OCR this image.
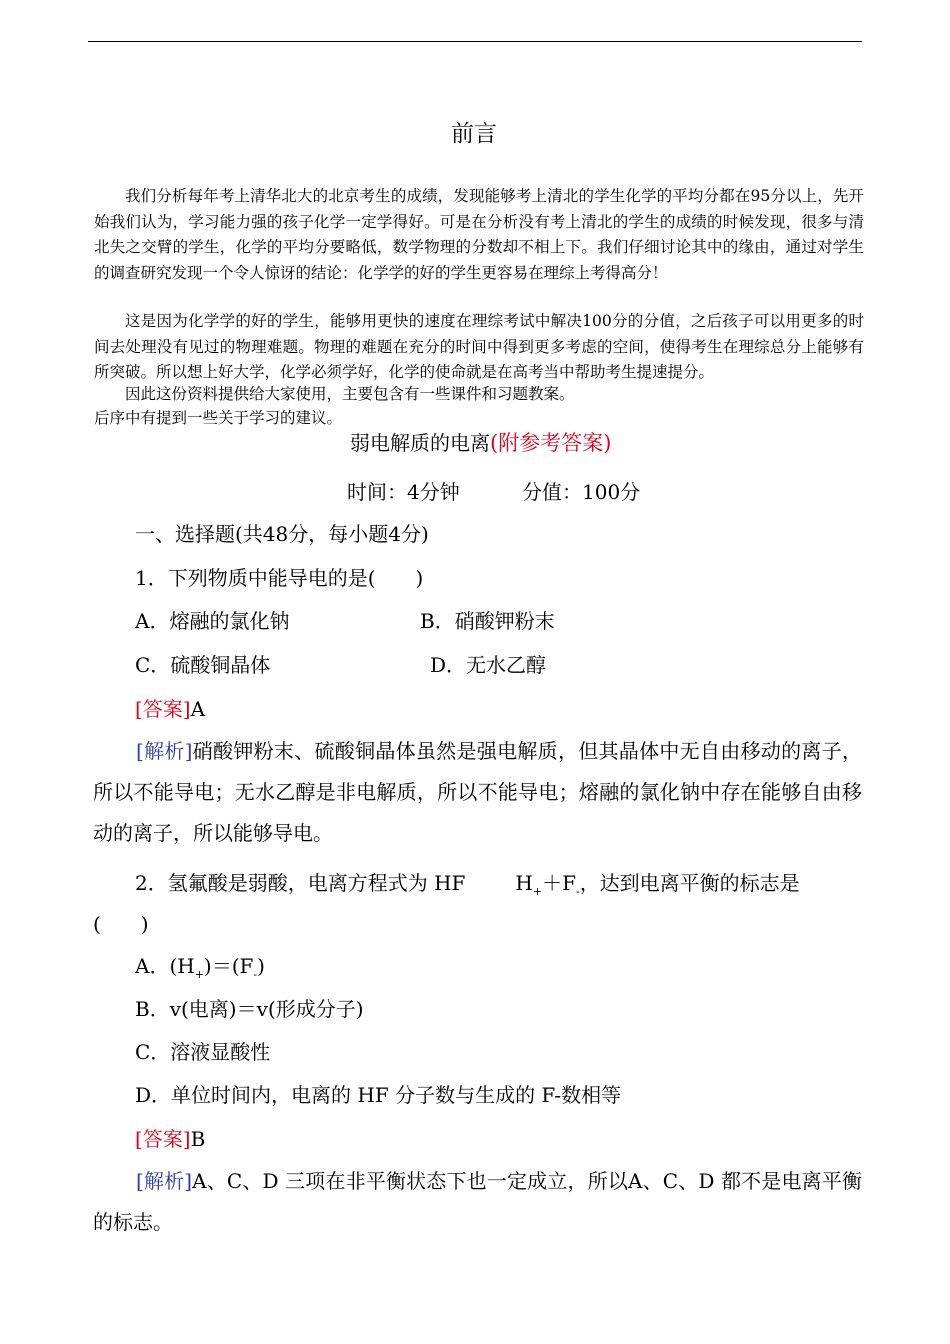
前言
我们分析每年考上清华北大的北京考生的成绩，发现能够考上清北的学生化学的平均分都在95分以上，先开始我们认为，学习能力强的孩子化学一定学得好。可是在分析没有考上清北的学生的成绩的时候发现，很多与清北失之交臂的学生，化学的平均分要略低，数学物理的分数却不相上下。我们仔细讨论其中的缘由，通过对学生的调查研究发现一个令人惊讶的结论：化学学的好的学生更容易在理综上考得高分！
这是因为化学学的好的学生，能够用更快的速度在理综考试中解决100分的分值，之后孩子可以用更多的时间去处理没有见过的物理难题。物理的难题在充分的时间中得到更多考虑的空间，使得考生在理综总分上能够有所突破。所以想上好大学，化学必须学好，化学的使命就是在高考当中帮助考生提速提分。
因此这份资料提供给大家使用，主要包含有一些课件和习题教案。
后序中有提到一些关于学习的建议。
弱电解质的电离(附参考答案)
时间：4分钟	分值：100分
一、选择题(共48分，每小题4分)
1．下列物质中能导电的是(　　)
A．熔融的氯化钠	B．硝酸钾粉末
C．硫酸铜晶体	D．无水乙醇
[答案]A
[解析]硝酸钾粉末、硫酸铜晶体虽然是强电解质，但其晶体中无自由移动的离子，所以不能导电；无水乙醇是非电解质，所以不能导电；熔融的氯化钠中存在能够自由移动的离子，所以能够导电。
2．氢氟酸是弱酸，电离方程式为 HF	$H_++F_-$，达到电离平衡的标志是
(　　)
A．$(H_+)=(F_-)$
B．v(电离)＝v(形成分子)
C．溶液显酸性
D．单位时间内，电离的 HF 分子数与生成的 F-数相等
[答案]B
[解析]A、C、D 三项在非平衡状态下也一定成立，所以A、C、D 都不是电离平衡的标志。
